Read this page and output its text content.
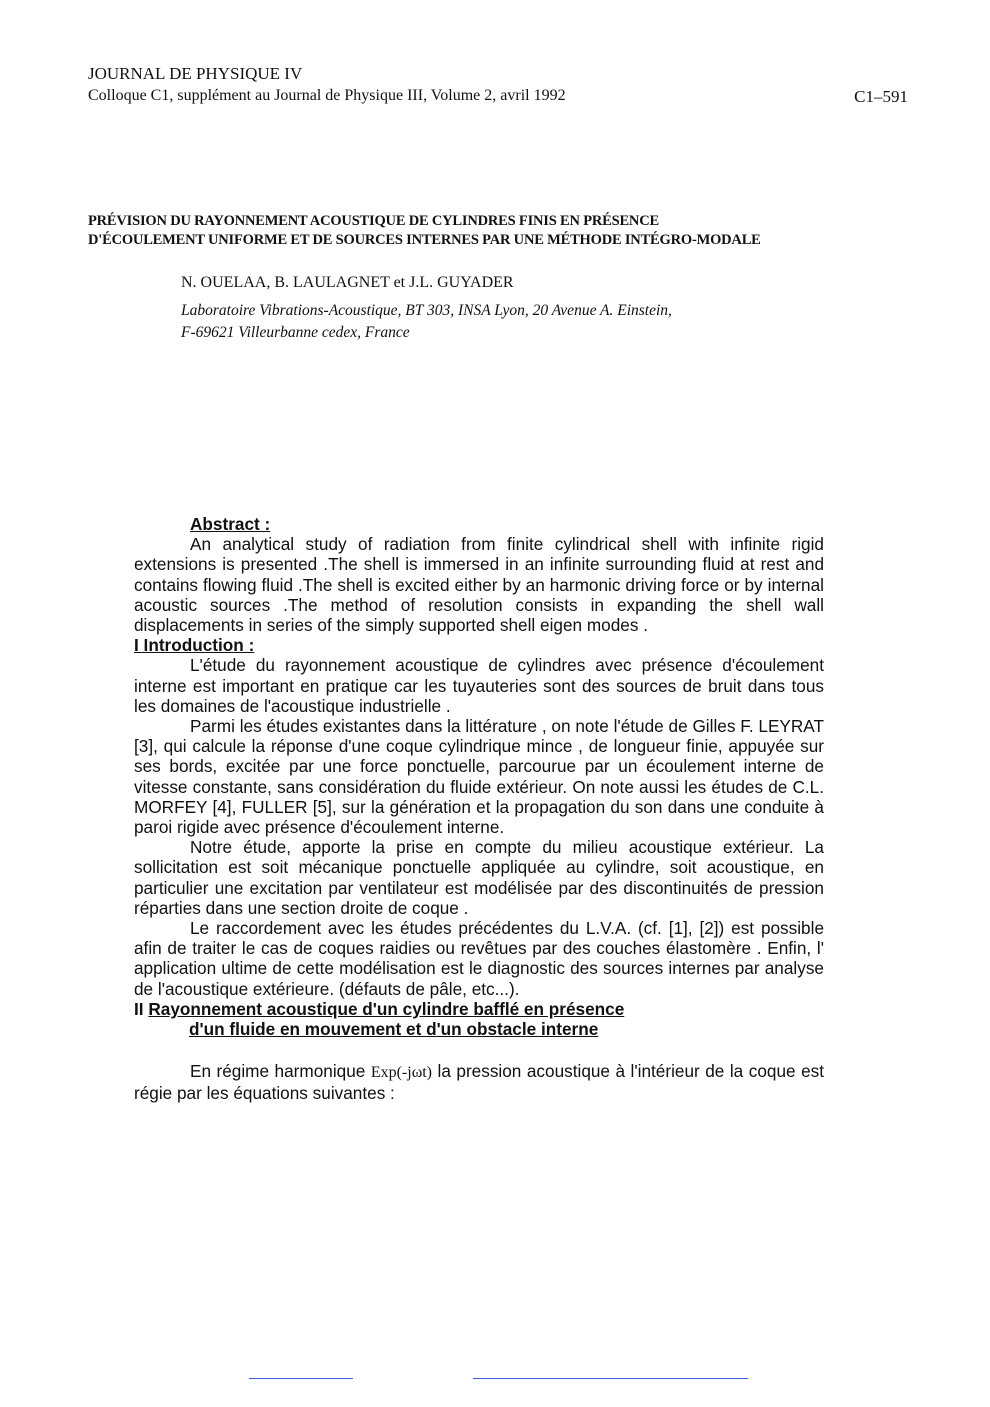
JOURNAL DE PHYSIQUE IV
Colloque C1, supplément au Journal de Physique III, Volume 2, avril 1992	C1–591
PRÉVISION DU RAYONNEMENT ACOUSTIQUE DE CYLINDRES FINIS EN PRÉSENCE
D'ÉCOULEMENT UNIFORME ET DE SOURCES INTERNES PAR UNE MÉTHODE INTÉGRO-MODALE
N. OUELAA, B. LAULAGNET et J.L. GUYADER
Laboratoire Vibrations-Acoustique, BT 303, INSA Lyon, 20 Avenue A. Einstein,
F-69621 Villeurbanne cedex, France
Abstract :

An analytical study of radiation from finite cylindrical shell with infinite rigid extensions is presented .The shell is immersed in an infinite surrounding fluid at rest and contains flowing fluid .The shell is excited either by an harmonic driving force or by internal acoustic sources .The method of resolution consists in expanding the shell wall displacements in series of the simply supported shell eigen modes .

I Introduction :

L'étude du rayonnement acoustique de cylindres avec présence d'écoulement interne est important en pratique car les tuyauteries sont des sources de bruit dans tous les domaines de l'acoustique industrielle .

Parmi les études existantes dans la littérature , on note l'étude de Gilles F. LEYRAT [3], qui calcule la réponse d'une coque cylindrique mince , de longueur finie, appuyée sur ses bords, excitée par une force ponctuelle, parcourue par un écoulement interne de vitesse constante, sans considération du fluide extérieur. On note aussi les études de C.L. MORFEY [4], FULLER [5], sur la génération et la propagation du son dans une conduite à paroi rigide avec présence d'écoulement interne.

Notre étude, apporte la prise en compte du milieu acoustique extérieur. La sollicitation est soit mécanique ponctuelle appliquée au cylindre, soit acoustique, en particulier une excitation par ventilateur est modélisée par des discontinuités de pression réparties dans une section droite de coque .

Le raccordement avec les études précédentes du L.V.A. (cf. [1], [2]) est possible afin de traiter le cas de coques raidies ou revêtues par des couches élastomère . Enfin, l' application ultime de cette modélisation est le diagnostic des sources internes par analyse de l'acoustique extérieure. (défauts de pâle, etc...).

II Rayonnement acoustique d'un cylindre bafflé en présence
d'un fluide en mouvement et d'un obstacle interne

En régime harmonique Exp(-jωt) la pression acoustique à l'intérieur de la coque est régie par les équations suivantes :
